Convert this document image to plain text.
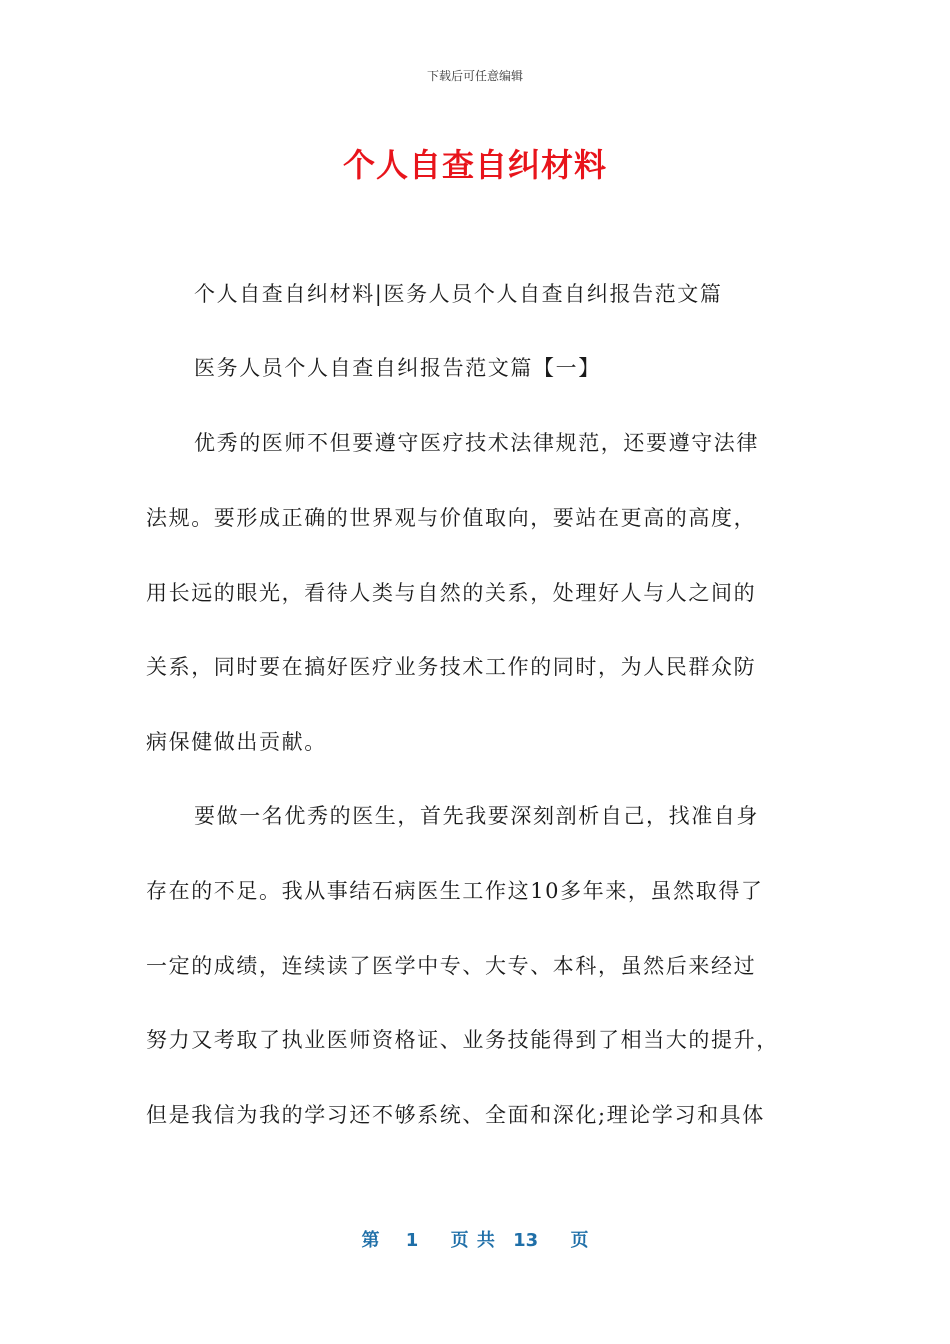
下载后可任意编辑
个人自查自纠材料
个人自查自纠材料|医务人员个人自查自纠报告范文篇
医务人员个人自查自纠报告范文篇【一】
优秀的医师不但要遵守医疗技术法律规范，还要遵守法律
法规。要形成正确的世界观与价值取向，要站在更高的高度，
用长远的眼光，看待人类与自然的关系，处理好人与人之间的
关系，同时要在搞好医疗业务技术工作的同时，为人民群众防
病保健做出贡献。
要做一名优秀的医生，首先我要深刻剖析自己，找准自身
存在的不足。我从事结石病医生工作这10多年来，虽然取得了
一定的成绩，连续读了医学中专、大专、本科，虽然后来经过
努力又考取了执业医师资格证、业务技能得到了相当大的提升，
但是我信为我的学习还不够系统、全面和深化;理论学习和具体
第 1 页 共 13 页
